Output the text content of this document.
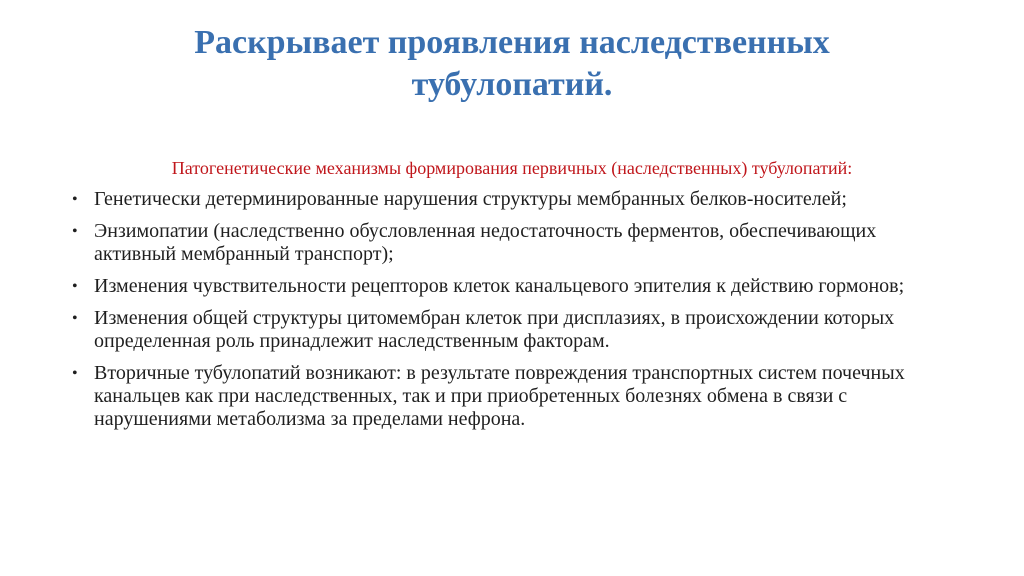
Раскрывает проявления наследственных
тубулопатий.
Патогенетические механизмы формирования первичных (наследственных) тубулопатий:
• Генетически детерминированные нарушения структуры мембранных белков-носителей;
• Энзимопатии (наследственно обусловленная недостаточность ферментов, обеспечивающих активный мембранный транспорт);
• Изменения чувствительности рецепторов клеток канальцевого эпителия к действию гормонов;
• Изменения общей структуры цитомембран клеток при дисплазиях, в происхождении которых определенная роль принадлежит наследственным факторам.
• Вторичные тубулопатий возникают: в результате повреждения транспортных систем почечных канальцев как при наследственных, так и при приобретенных болезнях обмена в связи с нарушениями метаболизма за пределами нефрона.
